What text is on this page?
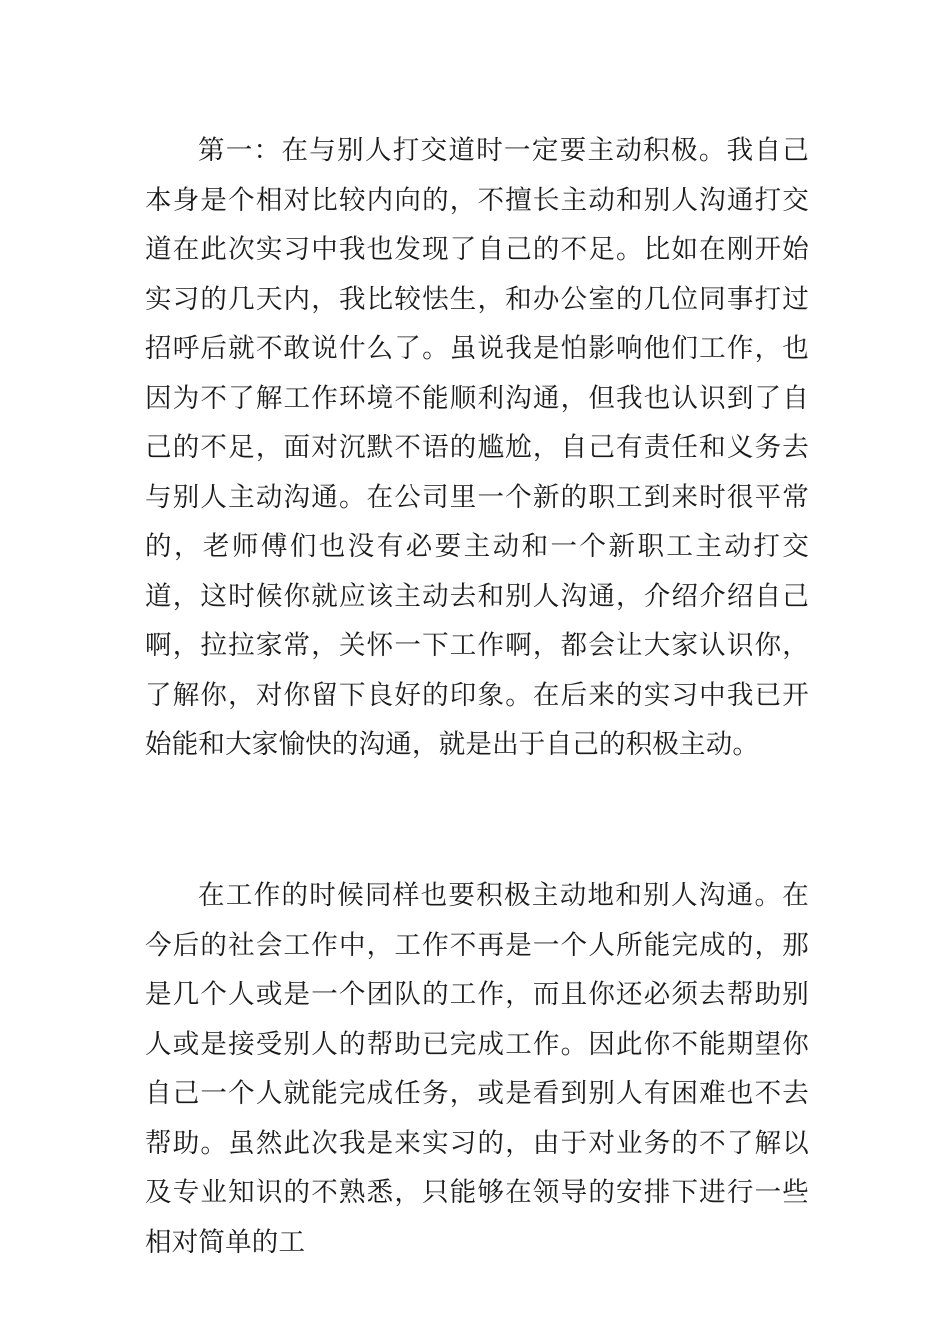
第一：在与别人打交道时一定要主动积极。我自己本身是个相对比较内向的，不擅长主动和别人沟通打交道在此次实习中我也发现了自己的不足。比如在刚开始实习的几天内，我比较怯生，和办公室的几位同事打过招呼后就不敢说什么了。虽说我是怕影响他们工作，也因为不了解工作环境不能顺利沟通，但我也认识到了自己的不足，面对沉默不语的尴尬，自己有责任和义务去与别人主动沟通。在公司里一个新的职工到来时很平常的，老师傅们也没有必要主动和一个新职工主动打交道，这时候你就应该主动去和别人沟通，介绍介绍自己啊，拉拉家常，关怀一下工作啊，都会让大家认识你，了解你，对你留下良好的印象。在后来的实习中我已开始能和大家愉快的沟通，就是出于自己的积极主动。

在工作的时候同样也要积极主动地和别人沟通。在今后的社会工作中，工作不再是一个人所能完成的，那是几个人或是一个团队的工作，而且你还必须去帮助别人或是接受别人的帮助已完成工作。因此你不能期望你自己一个人就能完成任务，或是看到别人有困难也不去帮助。虽然此次我是来实习的，由于对业务的不了解以及专业知识的不熟悉，只能够在领导的安排下进行一些相对简单的工
